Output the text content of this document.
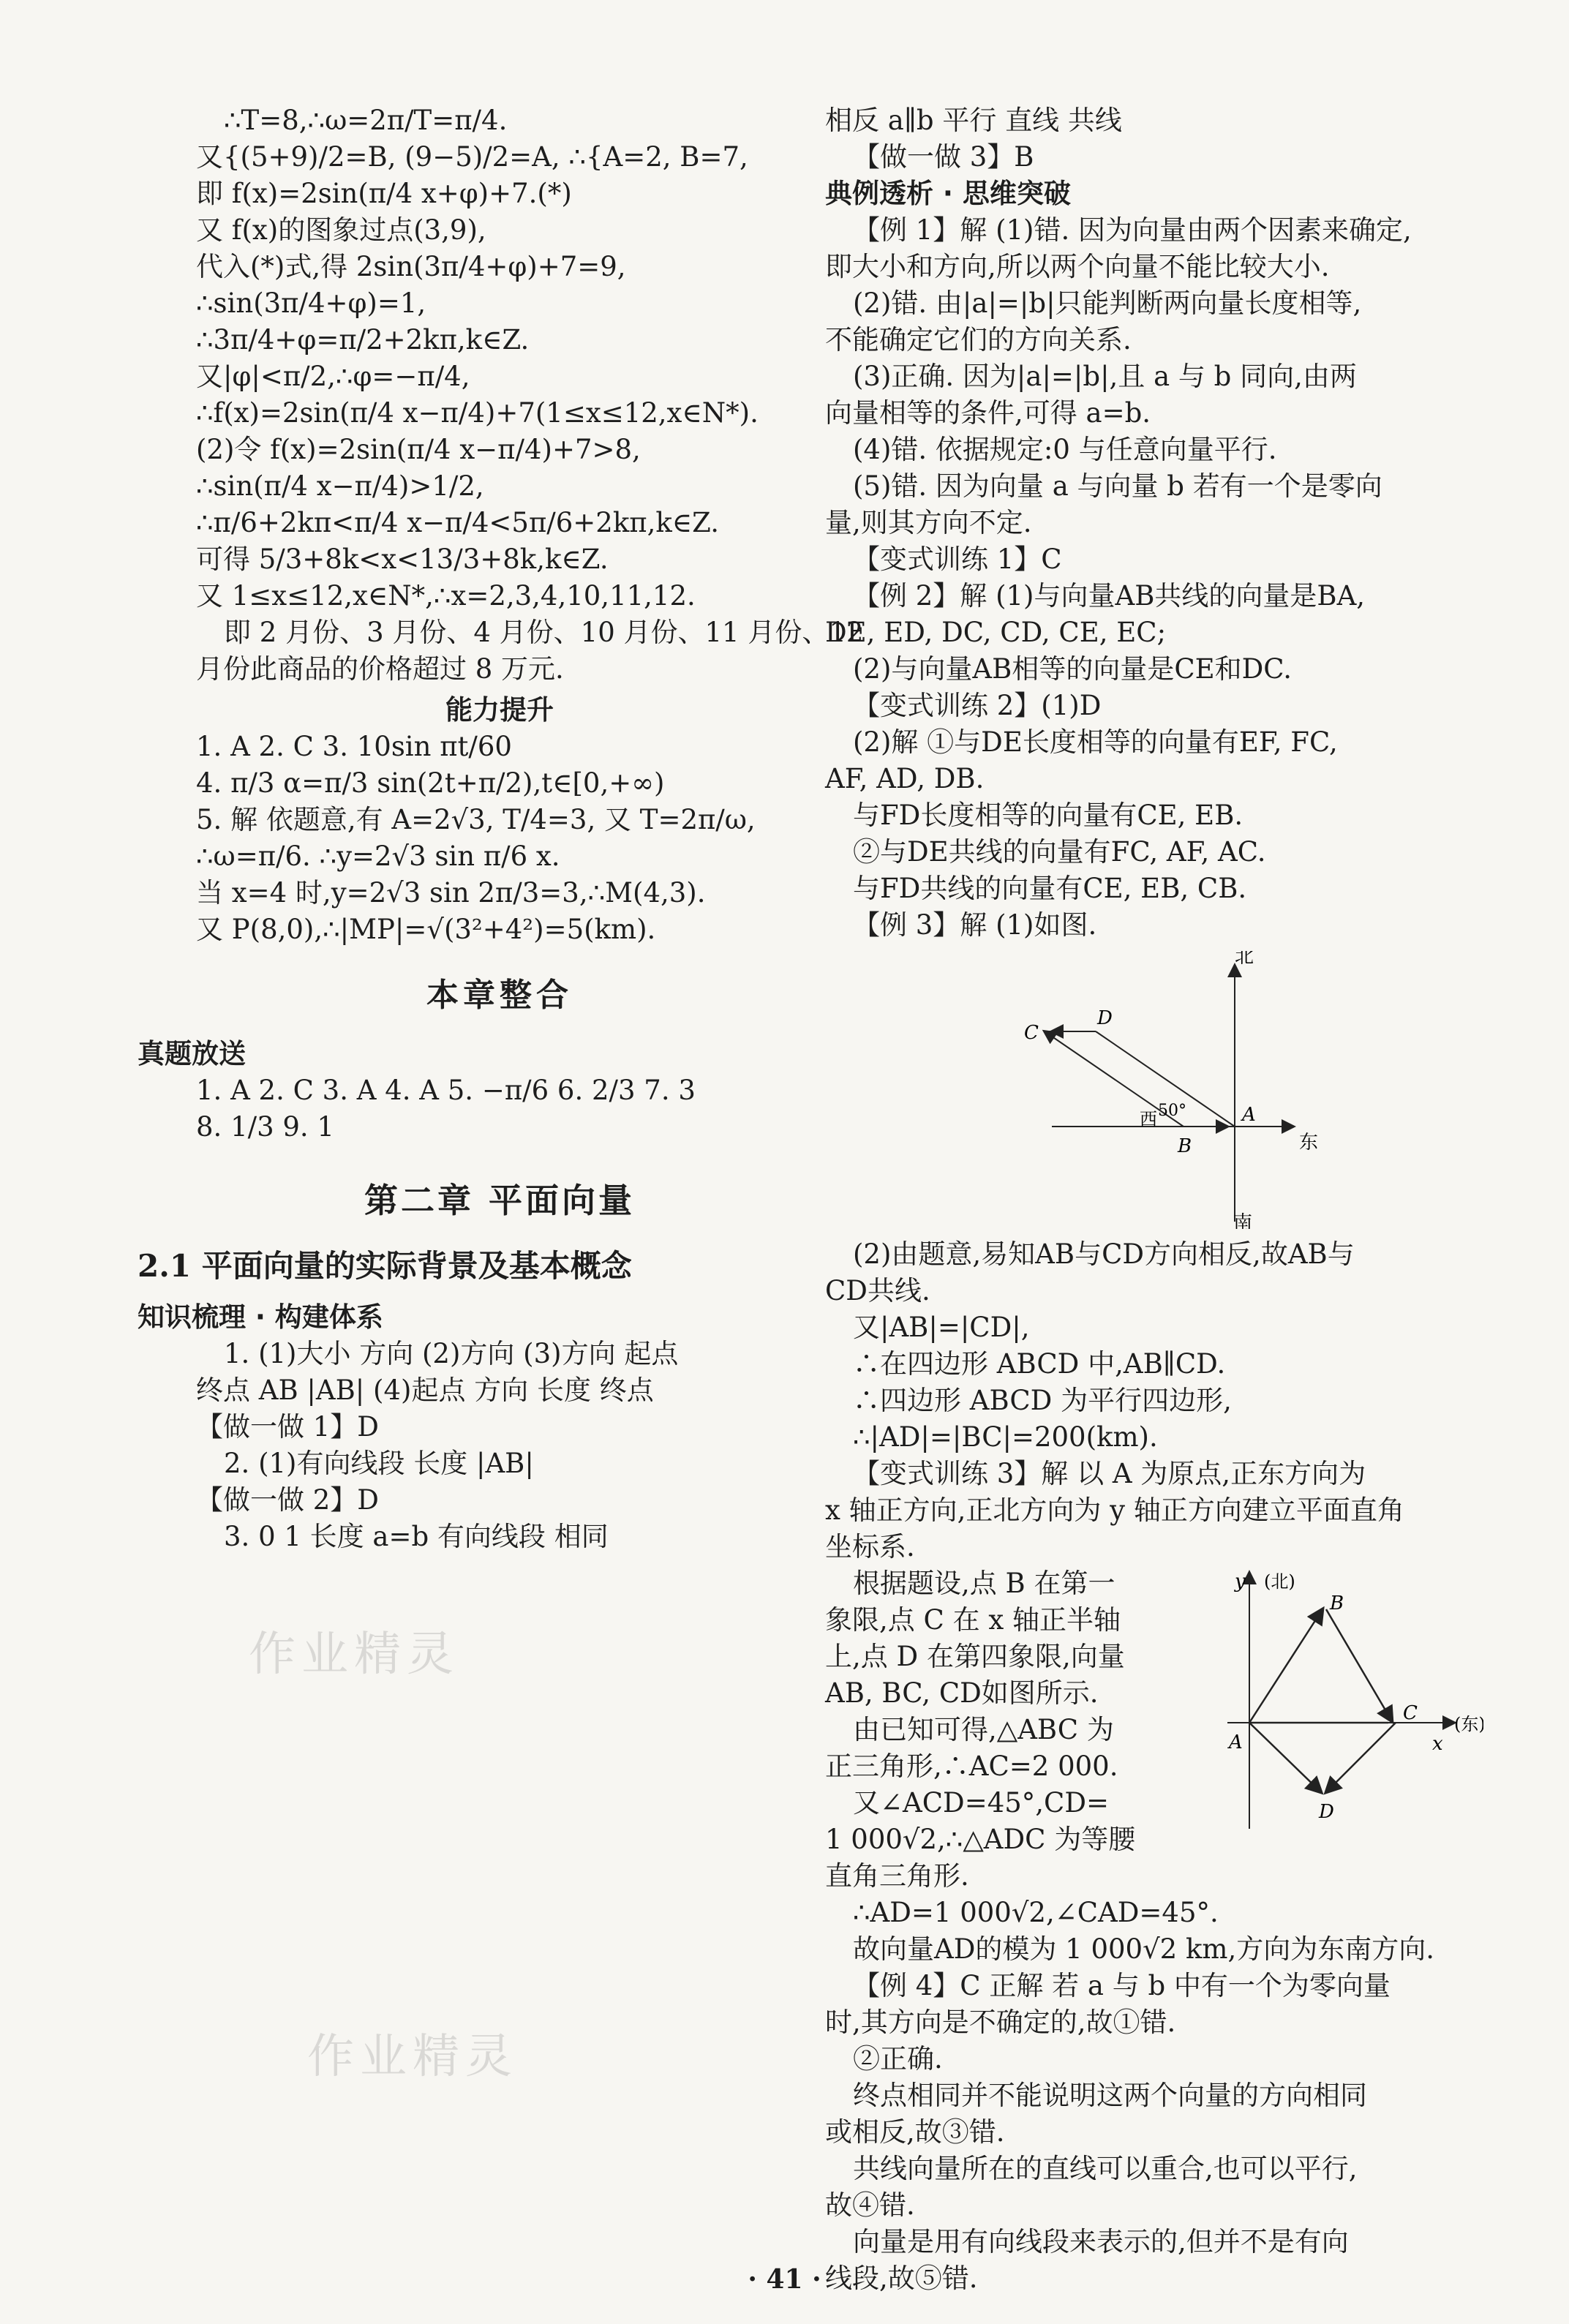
∴T=8,∴ω=2π/T=π/4.

又{(5+9)/2=B, (9−5)/2=A, ∴{A=2, B=7,

即 f(x)=2sin(π/4 x+φ)+7.(*)

又 f(x)的图象过点(3,9),

代入(*)式,得 2sin(3π/4+φ)+7=9,

∴sin(3π/4+φ)=1,

∴3π/4+φ=π/2+2kπ,k∈Z.

又|φ|<π/2,∴φ=−π/4,

∴f(x)=2sin(π/4 x−π/4)+7(1≤x≤12,x∈N*).

(2)令 f(x)=2sin(π/4 x−π/4)+7>8,

∴sin(π/4 x−π/4)>1/2,

∴π/6+2kπ<π/4 x−π/4<5π/6+2kπ,k∈Z.

可得 5/3+8k<x<13/3+8k,k∈Z.

又 1≤x≤12,x∈N*,∴x=2,3,4,10,11,12.

即 2 月份、3 月份、4 月份、10 月份、11 月份、12

月份此商品的价格超过 8 万元.

能力提升

1. A 2. C 3. 10sin πt/60

4. π/3 α=π/3 sin(2t+π/2),t∈[0,+∞)

5. 解 依题意,有 A=2√3, T/4=3, 又 T=2π/ω,

∴ω=π/6. ∴y=2√3 sin π/6 x.

当 x=4 时,y=2√3 sin 2π/3=3,∴M(4,3).

又 P(8,0),∴|MP|=√(3²+4²)=5(km).

本章整合

真题放送

1. A 2. C 3. A 4. A 5. −π/6 6. 2/3 7. 3

8. 1/3 9. 1

第二章 平面向量
2.1 平面向量的实际背景及基本概念

知识梳理 · 构建体系

1. (1)大小 方向 (2)方向 (3)方向 起点

终点 AB |AB| (4)起点 方向 长度 终点

【做一做 1】D

2. (1)有向线段 长度 |AB|

【做一做 2】D

3. 0 1 长度 a=b 有向线段 相同

相反 a∥b 平行 直线 共线

【做一做 3】B

典例透析 · 思维突破

【例 1】解 (1)错. 因为向量由两个因素来确定,

即大小和方向,所以两个向量不能比较大小.

(2)错. 由|a|=|b|只能判断两向量长度相等,

不能确定它们的方向关系.

(3)正确. 因为|a|=|b|,且 a 与 b 同向,由两

向量相等的条件,可得 a=b.

(4)错. 依据规定:0 与任意向量平行.

(5)错. 因为向量 a 与向量 b 若有一个是零向

量,则其方向不定.

【变式训练 1】C

【例 2】解 (1)与向量AB共线的向量是BA,

DE, ED, DC, CD, CE, EC;

(2)与向量AB相等的向量是CE和DC.

【变式训练 2】(1)D

(2)解 ①与DE长度相等的向量有EF, FC,

AF, AD, DB.

与FD长度相等的向量有CE, EB.

②与DE共线的向量有FC, AF, AC.

与FD共线的向量有CE, EB, CB.

【例 3】解 (1)如图.

北
南
东
西 50°	A
B
C
D

(2)由题意,易知AB与CD方向相反,故AB与

CD共线.

又|AB|=|CD|,

∴在四边形 ABCD 中,AB∥CD.

∴四边形 ABCD 为平行四边形,

∴|AD|=|BC|=200(km).

【变式训练 3】解 以 A 为原点,正东方向为

x 轴正方向,正北方向为 y 轴正方向建立平面直角

坐标系.

y (北)
x
(东)
A
B
C
D

根据题设,点 B 在第一

象限,点 C 在 x 轴正半轴

上,点 D 在第四象限,向量

AB, BC, CD如图所示.

由已知可得,△ABC 为

正三角形,∴AC=2 000.

又∠ACD=45°,CD=

1 000√2,∴△ADC 为等腰

直角三角形.

∴AD=1 000√2,∠CAD=45°.

故向量AD的模为 1 000√2 km,方向为东南方向.

【例 4】C 正解 若 a 与 b 中有一个为零向量

时,其方向是不确定的,故①错.

②正确.

终点相同并不能说明这两个向量的方向相同

或相反,故③错.

共线向量所在的直线可以重合,也可以平行,

故④错.

向量是用有向线段来表示的,但并不是有向

线段,故⑤错.

作业精灵
作业精灵
· 41 ·
